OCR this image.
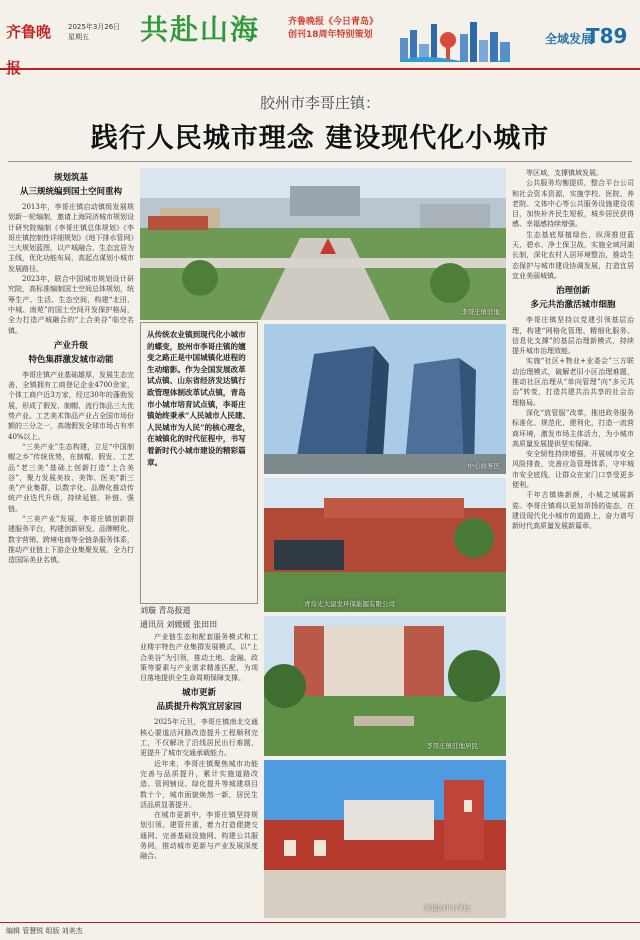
齐鲁晚报
2025年3月26日
星期五	共赴山海	齐鲁晚报《今日青岛》
创刊18周年特别策划	全域发展
T89
胶州市李哥庄镇：
践行人民城市理念 建设现代化小城市
规划筑基
从三规统编到国土空间重构

2013年，李哥庄镇启动镇级发展规划新一轮编制，邀请上海同济城市规划设计研究院编制《李哥庄镇总体规划》《李哥庄镇控制性详细规划》《地下排水管网》三大规划蓝图，以产城融合、生态宜居为主线，优化功能布局，高起点谋划小城市发展路径。

2023年，联合中国城市规划设计研究院，高标准编制国土空间总体规划，统筹生产、生活、生态空间，构建“北田、中城、南苑”的国土空间开发保护格局，全力打造产城融合的“上合美谷”临空名镇。

产业升级
特色集群激发城市动能

李哥庄镇产业基础雄厚，发展生态完善，全镇拥有工商登记企业4700余家，个体工商户近3万家，经过30年的蓬勃发展，形成了假发、制帽、流行饰品三大优势产业。工艺美术饰品产业占全国市场份额的三分之一，高端假发全球市场占有率40%以上。

“三美产业”生态构建，立足“中国制帽之乡”传统优势，在制帽、假发、工艺品“老三美”基础上创新打造“上合美谷”，聚力发展美妆、美饰、医美“新三美”产业集群，以数字化、品牌化推动传统产业迭代升级，持续延链、补链、强链。

“三美产业”发展，李哥庄镇创新搭建服务平台，构建创新研发、品牌孵化、数字营销、跨境电商等全链条服务体系，推动产业链上下游企业集聚发展，全力打造国际美业名镇。

李哥庄镇驻地
从传统农业镇到现代化小城市的蝶变，胶州市李哥庄镇的嬗变之路正是中国城镇化进程的生动缩影。作为全国发展改革试点镇、山东省经济发达镇行政管理体制改革试点镇，青岛市小城市培育试点镇，李哥庄镇始终秉承“人民城市人民建、人民城市为人民”的核心理念，在城镇化的时代征程中，书写着新时代小城市建设的精彩篇章。
刘璇 青岛报道
通讯员 刘媛媛 张田田
中心商务区
青岛光大建发环保能源有限公司

产业链生态和配套服务模式和工业楼宇特色产业集群发展模式，以“上合美谷”为引领，推动土地、金融、政策等要素与产业需求精准匹配，为项目落地提供全生命周期保障支撑。

城市更新
品质提升构筑宜居家园

2025年元旦，李哥庄镇南北交通核心要道沽河路改造提升工程顺利完工，不仅解决了沿线居民出行难题，更提升了城市交通承载能力。

近年来，李哥庄镇聚焦城市功能完善与品质提升，累计实施道路改造、管网铺设、绿化提升等城建项目数十个，城市面貌焕然一新，居民生活品质显著提升。

在城市更新中，李哥庄镇坚持规划引领、建管并重，着力打造便捷交通网、完善基础设施网、构建公共服务网，推动城市更新与产业发展深度融合。

李哥庄镇驻地居民
新建的中小学校

等区域，支撑镇域发展。

公共服务均衡提质，整合平台公司和社会资本资源，实施学校、医院、养老院、文体中心等公共服务设施建设项目，加快补齐民生短板，城乡居民获得感、幸福感持续增强。

生态基底厚植绿色，纵深推进蓝天、碧水、净土保卫战，实施全域河湖长制，深化农村人居环境整治，推动生态保护与城市建设协调发展，打造宜居宜业美丽城镇。

治理创新
多元共治激活城市细胞

李哥庄镇坚持以党建引领基层治理，构建“网格化管理、精细化服务、信息化支撑”的基层治理新模式，持续提升城市治理效能。

实施“社区+物业+业委会”三方联动治理模式，破解老旧小区治理难题，推动社区治理从“单向管理”向“多元共治”转变，打造共建共治共享的社会治理格局。

深化“放管服”改革，推进政务服务标准化、规范化、便利化，打造一流营商环境，激发市场主体活力，为小城市高质量发展提供坚实保障。

安全韧性持续增强，开展城市安全风险排查，完善应急管理体系，守牢城市安全底线，让群众在家门口享受更多便利。

千年古镇焕新颜，小城之城展新姿。李哥庄镇将以更加昂扬的姿态，在建设现代化小城市的道路上，奋力谱写新时代高质量发展新篇章。

编辑 管慧锐 组版 刘美杰
